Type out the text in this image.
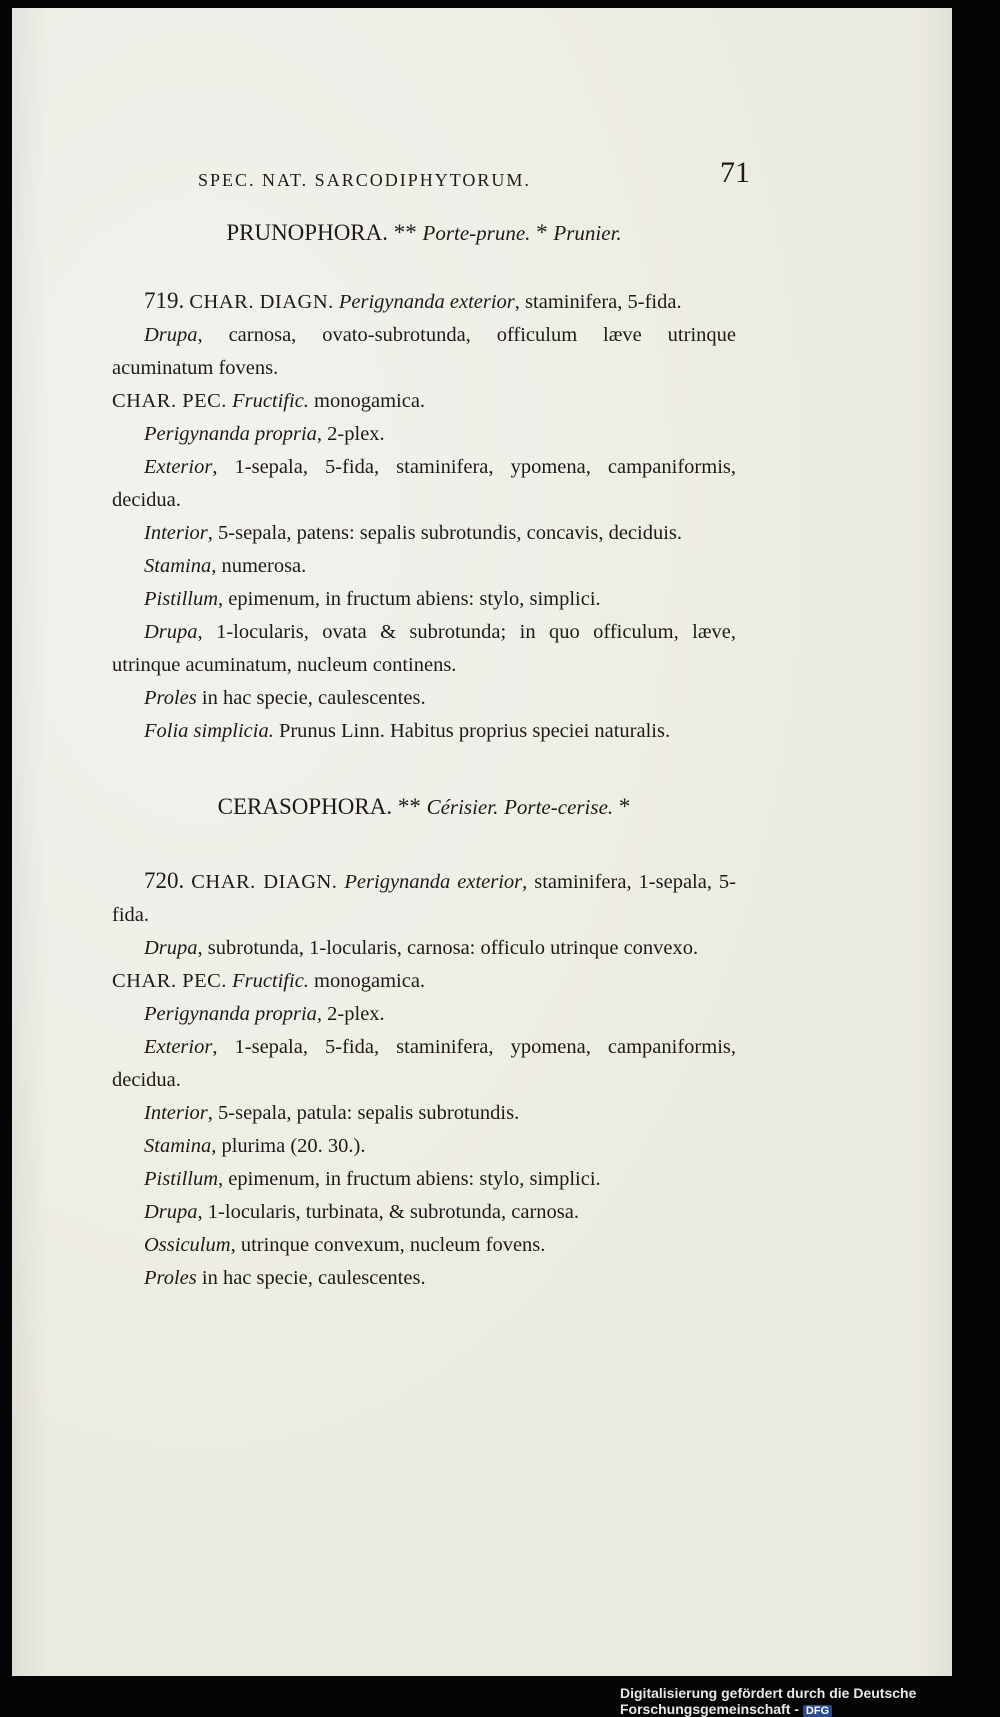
SPEC. NAT. SARCODIPHYTORUM.	71
PRUNOPHORA. ** Porte-prune. * Prunier.

719. CHAR. DIAGN. Perigynanda exterior, staminifera, 5-fida.

Drupa, carnosa, ovato-subrotunda, officulum læve utrinque acuminatum fovens.

CHAR. PEC. Fructific. monogamica.

Perigynanda propria, 2-plex.

Exterior, 1-sepala, 5-fida, staminifera, ypomena, campaniformis, decidua.

Interior, 5-sepala, patens: sepalis subrotundis, concavis, deciduis.

Stamina, numerosa.

Pistillum, epimenum, in fructum abiens: stylo, simplici.

Drupa, 1-locularis, ovata & subrotunda; in quo officulum, læve, utrinque acuminatum, nucleum continens.

Proles in hac specie, caulescentes.

Folia simplicia. Prunus Linn. Habitus proprius speciei naturalis.

CERASOPHORA. ** Cérisier. Porte-cerise. *

720. CHAR. DIAGN. Perigynanda exterior, staminifera, 1-sepala, 5-fida.

Drupa, subrotunda, 1-locularis, carnosa: officulo utrinque convexo.

CHAR. PEC. Fructific. monogamica.

Perigynanda propria, 2-plex.

Exterior, 1-sepala, 5-fida, staminifera, ypomena, campaniformis, decidua.

Interior, 5-sepala, patula: sepalis subrotundis.

Stamina, plurima (20. 30.).

Pistillum, epimenum, in fructum abiens: stylo, simplici.

Drupa, 1-locularis, turbinata, & subrotunda, carnosa.

Ossiculum, utrinque convexum, nucleum fovens.

Proles in hac specie, caulescentes.

Digitalisierung gefördert durch die Deutsche Forschungsgemeinschaft - DFG
